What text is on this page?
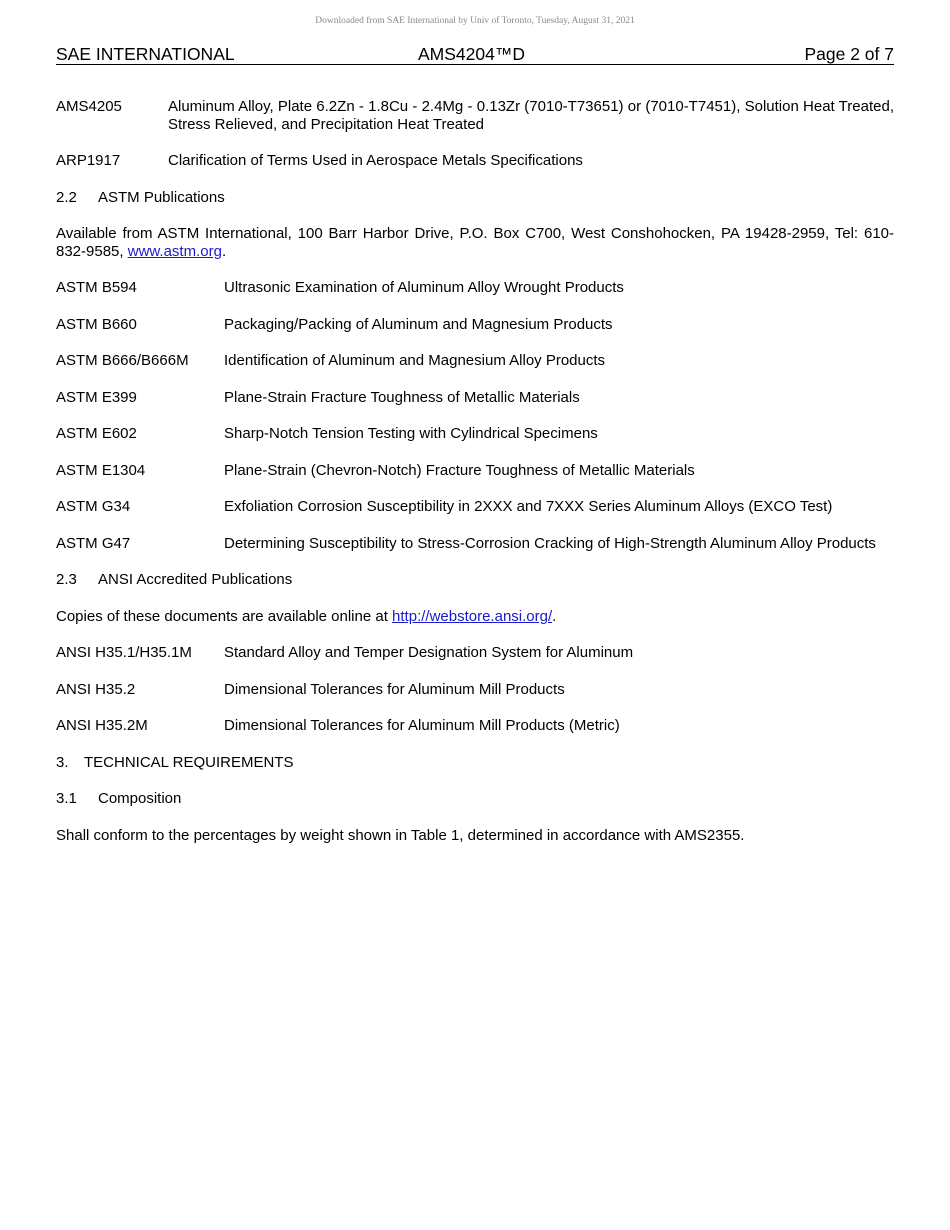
Downloaded from SAE International by Univ of Toronto, Tuesday, August 31, 2021
SAE INTERNATIONAL	AMS4204™D	Page 2 of 7
AMS4205	Aluminum Alloy, Plate 6.2Zn - 1.8Cu - 2.4Mg - 0.13Zr (7010-T73651) or (7010-T7451), Solution Heat Treated, Stress Relieved, and Precipitation Heat Treated
ARP1917	Clarification of Terms Used in Aerospace Metals Specifications
2.2 ASTM Publications
Available from ASTM International, 100 Barr Harbor Drive, P.O. Box C700, West Conshohocken, PA 19428-2959, Tel: 610-832-9585, www.astm.org.
ASTM B594	Ultrasonic Examination of Aluminum Alloy Wrought Products
ASTM B660	Packaging/Packing of Aluminum and Magnesium Products
ASTM B666/B666M Identification of Aluminum and Magnesium Alloy Products
ASTM E399	Plane-Strain Fracture Toughness of Metallic Materials
ASTM E602	Sharp-Notch Tension Testing with Cylindrical Specimens
ASTM E1304	Plane-Strain (Chevron-Notch) Fracture Toughness of Metallic Materials
ASTM G34	Exfoliation Corrosion Susceptibility in 2XXX and 7XXX Series Aluminum Alloys (EXCO Test)
ASTM G47	Determining Susceptibility to Stress-Corrosion Cracking of High-Strength Aluminum Alloy Products
2.3 ANSI Accredited Publications
Copies of these documents are available online at http://webstore.ansi.org/.
ANSI H35.1/H35.1M Standard Alloy and Temper Designation System for Aluminum
ANSI H35.2	Dimensional Tolerances for Aluminum Mill Products
ANSI H35.2M	Dimensional Tolerances for Aluminum Mill Products (Metric)
3. TECHNICAL REQUIREMENTS
3.1 Composition
Shall conform to the percentages by weight shown in Table 1, determined in accordance with AMS2355.
